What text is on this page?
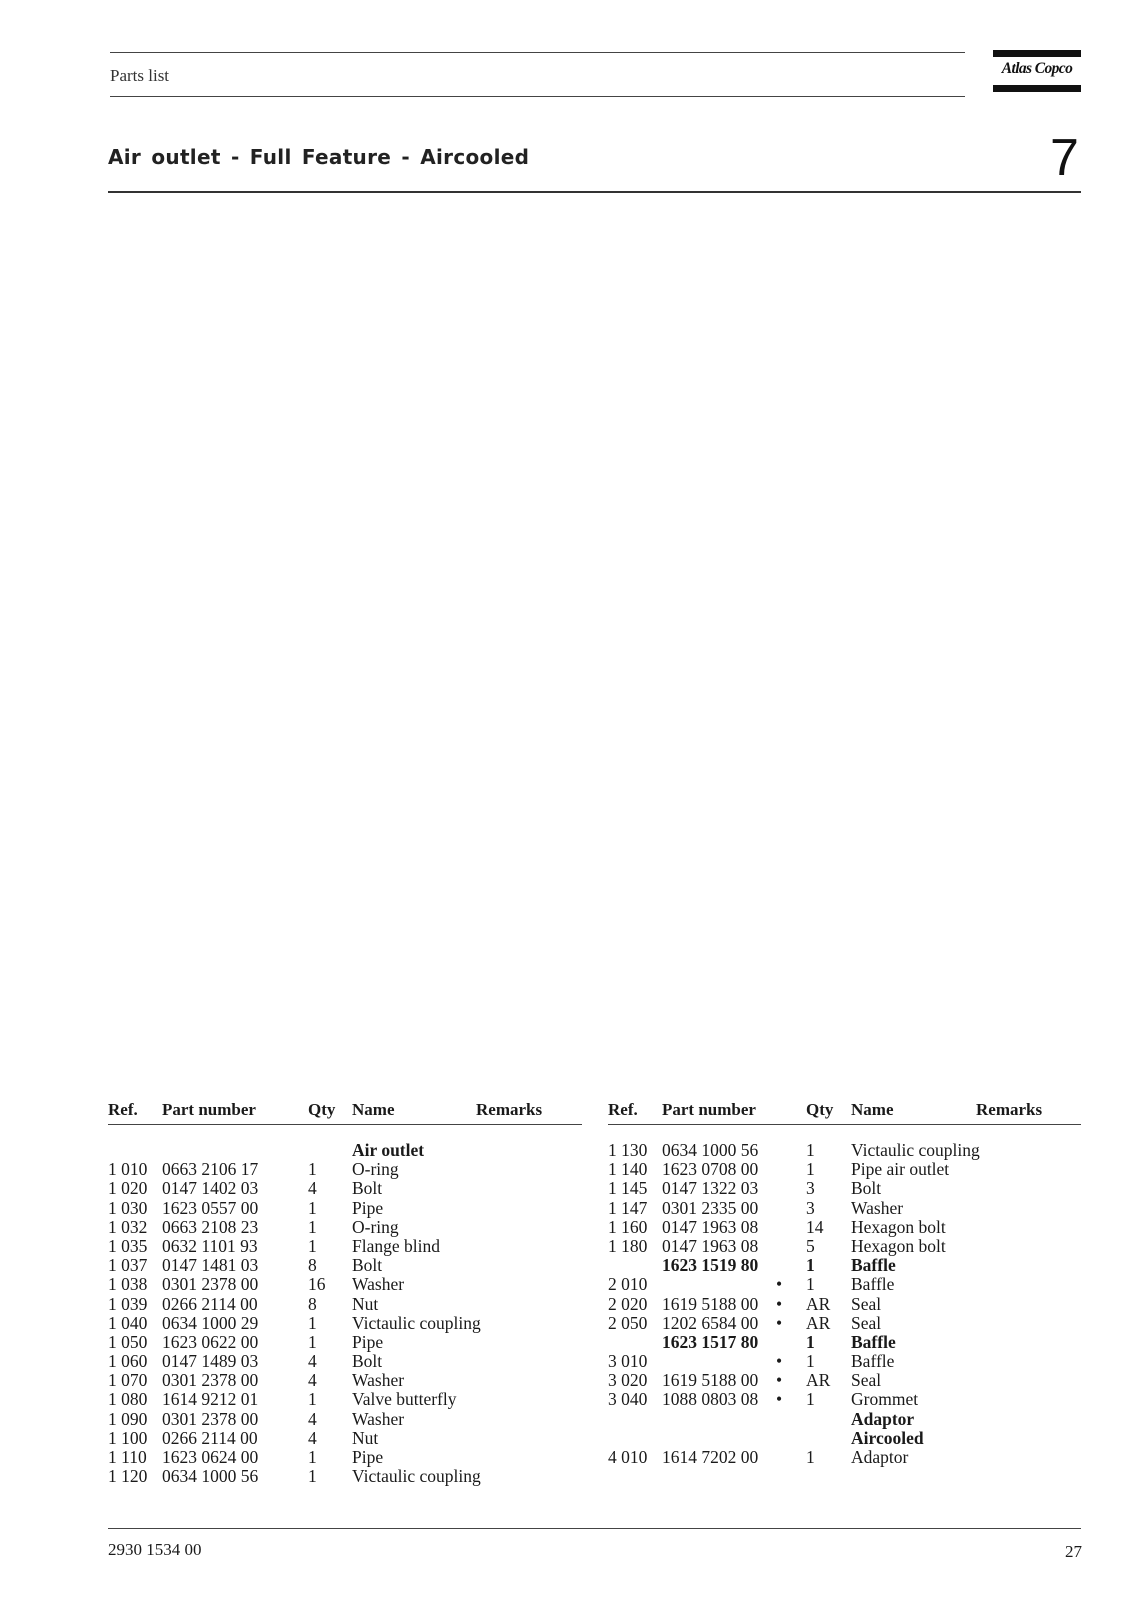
Parts list	Atlas Copco
Air outlet - Full Feature - Aircooled	7
Ref. Part number	Qty Name	Remarks
Air outlet
1 010 0663 2106 17	1 O-ring
1 020 0147 1402 03	4 Bolt
1 030 1623 0557 00	1 Pipe
1 032 0663 2108 23	1 O-ring
1 035 0632 1101 93	1 Flange blind
1 037 0147 1481 03	8 Bolt
1 038 0301 2378 00	16 Washer
1 039 0266 2114 00	8 Nut
1 040 0634 1000 29	1 Victaulic coupling
1 050 1623 0622 00	1 Pipe
1 060 0147 1489 03	4 Bolt
1 070 0301 2378 00	4 Washer
1 080 1614 9212 01	1 Valve butterfly
1 090 0301 2378 00	4 Washer
1 100 0266 2114 00	4 Nut
1 110 1623 0624 00	1 Pipe
1 120 0634 1000 56	1 Victaulic coupling
Ref. Part number	Qty Name	Remarks
1 130 0634 1000 56	1 Victaulic coupling
1 140 1623 0708 00	1 Pipe air outlet
1 145 0147 1322 03	3 Bolt
1 147 0301 2335 00	3 Washer
1 160 0147 1963 08	14 Hexagon bolt
1 180 0147 1963 08	5 Hexagon bolt
1623 1519 80	1 Baffle
2 010	• 1 Baffle
2 020 1619 5188 00 • AR Seal
2 050 1202 6584 00 • AR Seal
1623 1517 80	1 Baffle
3 010	• 1 Baffle
3 020 1619 5188 00 • AR Seal
3 040 1088 0803 08 • 1 Grommet
Adaptor
Aircooled
4 010 1614 7202 00	1 Adaptor
2930 1534 00	27
